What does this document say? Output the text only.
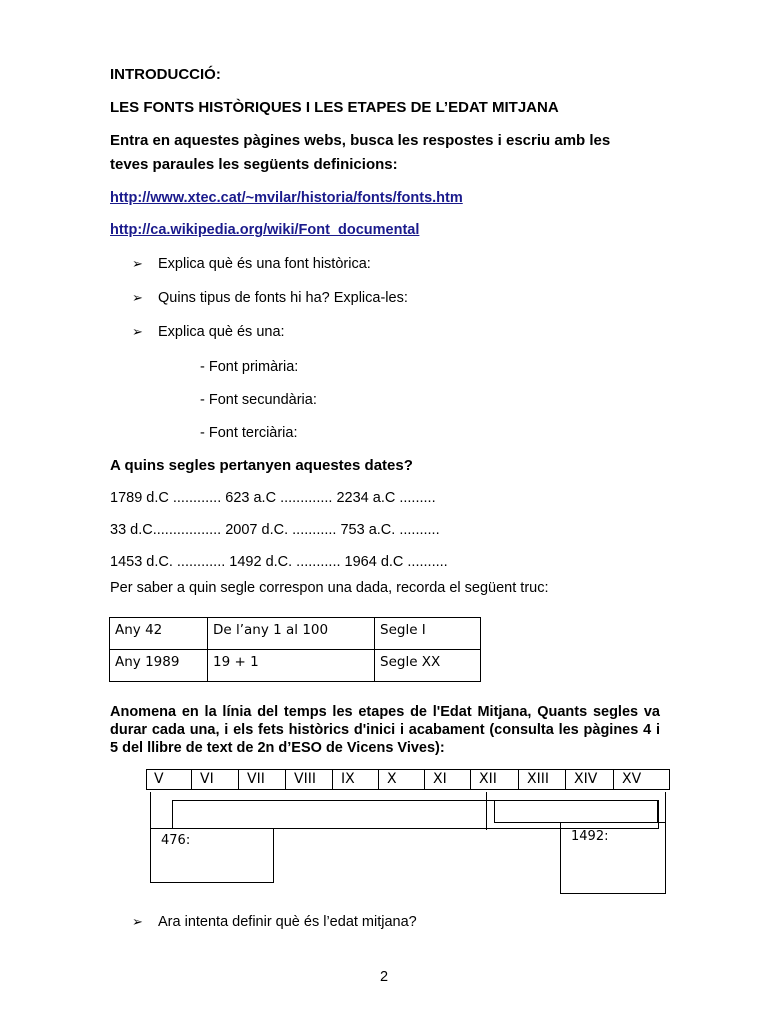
INTRODUCCIÓ:
LES FONTS HISTÒRIQUES I LES ETAPES DE L’EDAT MITJANA
Entra en aquestes pàgines webs, busca les respostes i escriu amb les
teves paraules les següents definicions:
http://www.xtec.cat/~mvilar/historia/fonts/fonts.htm
http://ca.wikipedia.org/wiki/Font_documental
➢ Explica què és una font històrica:
➢ Quins tipus de fonts hi ha? Explica-les:
➢ Explica què és una:
- Font primària:
- Font secundària:
- Font terciària:
A quins segles pertanyen aquestes dates?
1789 d.C ............ 623 a.C ............. 2234 a.C .........
33 d.C................. 2007 d.C. ........... 753 a.C. ..........
1453 d.C. ............ 1492 d.C. ........... 1964 d.C ..........
Per saber a quin segle correspon una dada, recorda el següent truc:
Any 42	De l’any 1 al 100	Segle I
Any 1989	19 + 1	Segle XX
Anomena en la línia del temps les etapes de l'Edat Mitjana, Quants segles va durar cada una, i els fets històrics d'inici i acabament (consulta les pàgines 4 i 5 del llibre de text de 2n d’ESO de Vicens Vives):
V	VI	VII	VIII	IX	X	XI	XII	XIII	XIV	XV
476:	1492:
➢ Ara intenta definir què és l’edat mitjana?
2
